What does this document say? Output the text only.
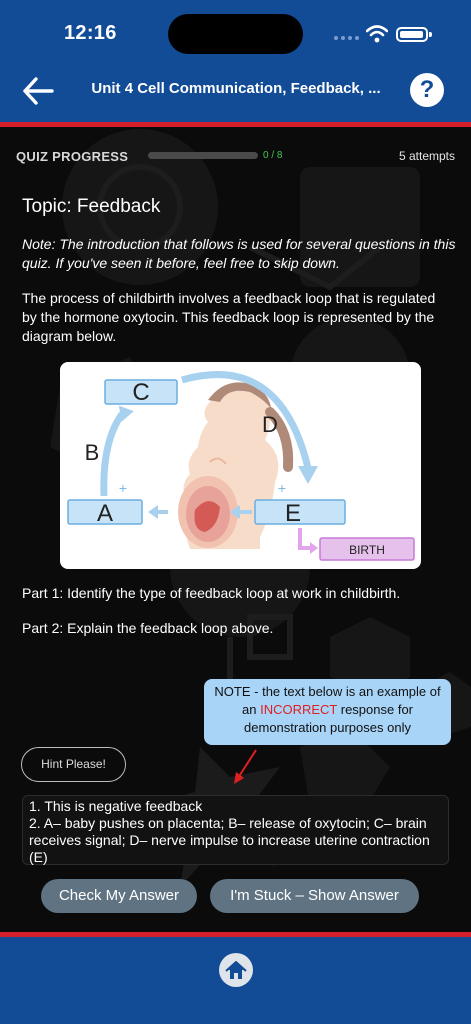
12:16
Unit 4 Cell Communication, Feedback, ...	?
QUIZ PROGRESS	0 / 8	5 attempts
Topic: Feedback
Note: The introduction that follows is used for several questions in this quiz. If you've seen it before, feel free to skip down.
The process of childbirth involves a feedback loop that is regulated by the hormone oxytocin. This feedback loop is represented by the diagram below.
C
A	E
BIRTH
B
+
D
+
Part 1: Identify the type of feedback loop at work in childbirth.
Part 2: Explain the feedback loop above.
NOTE - the text below is an example of an INCORRECT response for demonstration purposes only
Hint Please!
1. This is negative feedback
2. A– baby pushes on placenta; B– release of oxytocin; C– brain receives signal; D– nerve impulse to increase uterine contraction (E)
Check My Answer	I'm Stuck – Show Answer
